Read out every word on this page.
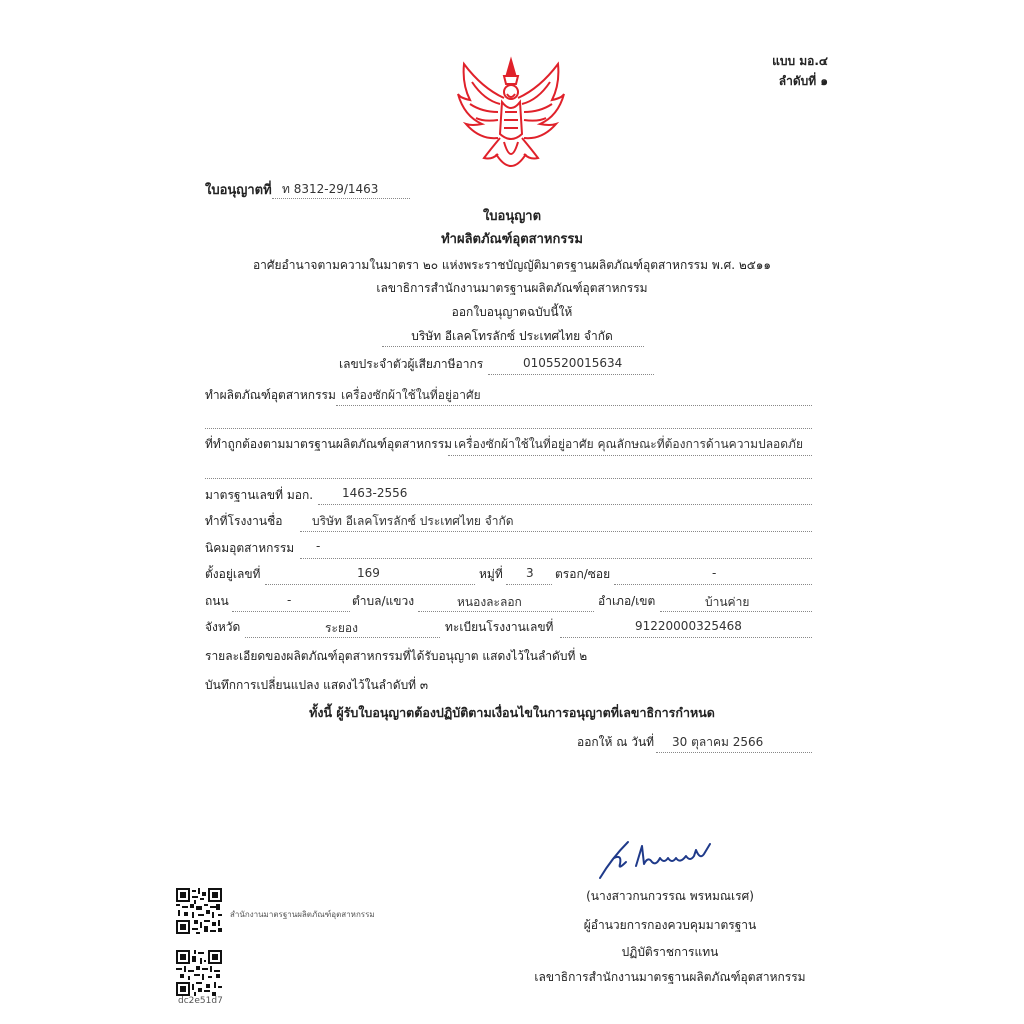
แบบ มอ.๔
ลำดับที่ ๑
ใบอนุญาตที่ ท 8312-29/1463
ใบอนุญาต
ทำผลิตภัณฑ์อุตสาหกรรม
อาศัยอำนาจตามความในมาตรา ๒๐ แห่งพระราชบัญญัติมาตรฐานผลิตภัณฑ์อุตสาหกรรม พ.ศ. ๒๕๑๑
เลขาธิการสำนักงานมาตรฐานผลิตภัณฑ์อุตสาหกรรม
ออกใบอนุญาตฉบับนี้ให้
บริษัท อีเลคโทรลักซ์ ประเทศไทย จำกัด
เลขประจำตัวผู้เสียภาษีอากร	0105520015634
ทำผลิตภัณฑ์อุตสาหกรรม เครื่องซักผ้าใช้ในที่อยู่อาศัย
ที่ทำถูกต้องตามมาตรฐานผลิตภัณฑ์อุตสาหกรรม เครื่องซักผ้าใช้ในที่อยู่อาศัย คุณลักษณะที่ต้องการด้านความปลอดภัย
มาตรฐานเลขที่ มอก. 1463-2556
ทำที่โรงงานชื่อ บริษัท อีเลคโทรลักซ์ ประเทศไทย จำกัด
นิคมอุตสาหกรรม -
ตั้งอยู่เลขที่	169	หมู่ที่ 3 ตรอก/ซอย	-
ถนน	-	ตำบล/แขวง	หนองละลอก	อำเภอ/เขต	บ้านค่าย
จังหวัด	ระยอง	ทะเบียนโรงงานเลขที่	91220000325468
รายละเอียดของผลิตภัณฑ์อุตสาหกรรมที่ได้รับอนุญาต แสดงไว้ในลำดับที่ ๒
บันทึกการเปลี่ยนแปลง แสดงไว้ในลำดับที่ ๓
ทั้งนี้ ผู้รับใบอนุญาตต้องปฏิบัติตามเงื่อนไขในการอนุญาตที่เลขาธิการกำหนด
ออกให้ ณ วันที่ 30 ตุลาคม 2566
(นางสาวกนกวรรณ พรหมณเรศ)
ผู้อำนวยการกองควบคุมมาตรฐาน
ปฏิบัติราชการแทน
เลขาธิการสำนักงานมาตรฐานผลิตภัณฑ์อุตสาหกรรม
สำนักงานมาตรฐานผลิตภัณฑ์อุตสาหกรรม
dc2e51d7
